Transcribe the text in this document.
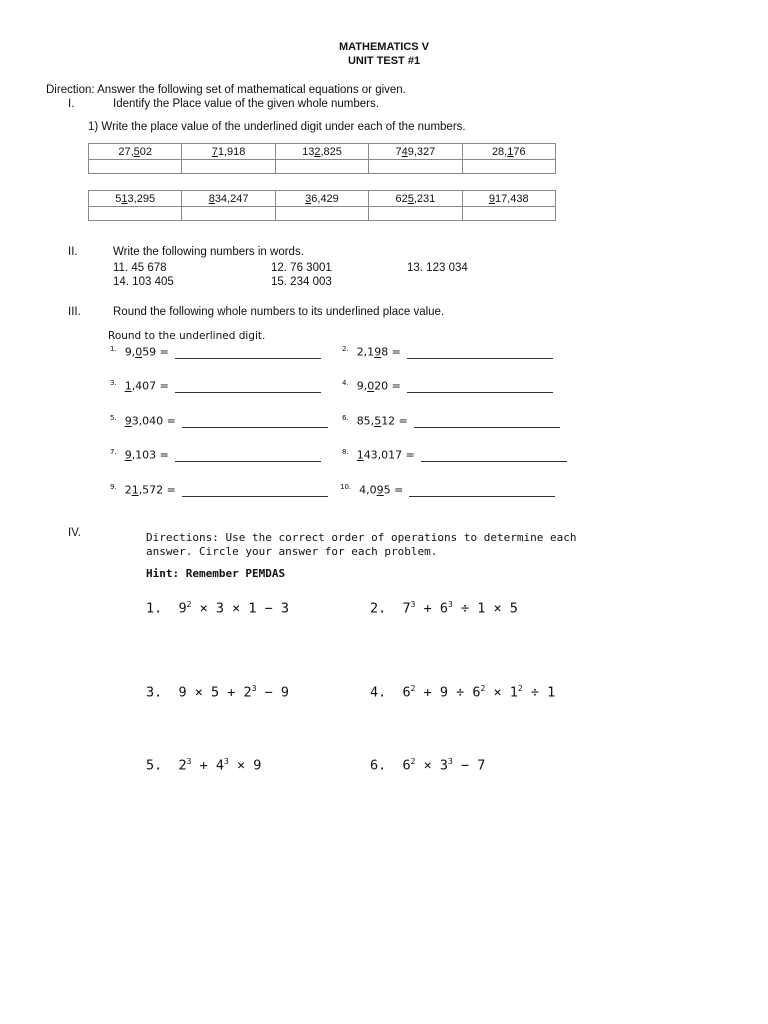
MATHEMATICS V
UNIT TEST #1
Direction: Answer the following set of mathematical equations or given.
I.	Identify the Place value of the given whole numbers.
1) Write the place value of the underlined digit under each of the numbers.
27,502	71,918	132,825	749,327	28,176

513,295	834,247	36,429	625,231	917,438

II.	Write the following numbers in words.
11. 45 678	12. 76 3001	13. 123 034
14. 103 405	15. 234 003
III.	Round the following whole numbers to its underlined place value.
Round to the underlined digit.
$^{1.}$ 9,059 =	$^{2.}$ 2,198 =
$^{3.}$ 1,407 =	$^{4.}$ 9,020 =
$^{5.}$ 93,040 =	$^{6.}$ 85,512 =
$^{7.}$ 9,103 =	$^{8.}$ 143,017 =
$^{9.}$ 21,572 =	$^{10.}$ 4,095 =
IV.	Directions: Use the correct order of operations to determine each
answer. Circle your answer for each problem.
Hint: Remember PEMDAS
1. $9^2 \times 3 \times 1 - 3$	2. $7^3 + 6^3 \div 1 \times 5$
3. $9 \times 5 + 2^3 - 9$	4. $6^2 + 9 \div 6^2 \times 1^2 \div 1$
5. $2^3 + 4^3 \times 9$	6. $6^2 \times 3^3 - 7$
